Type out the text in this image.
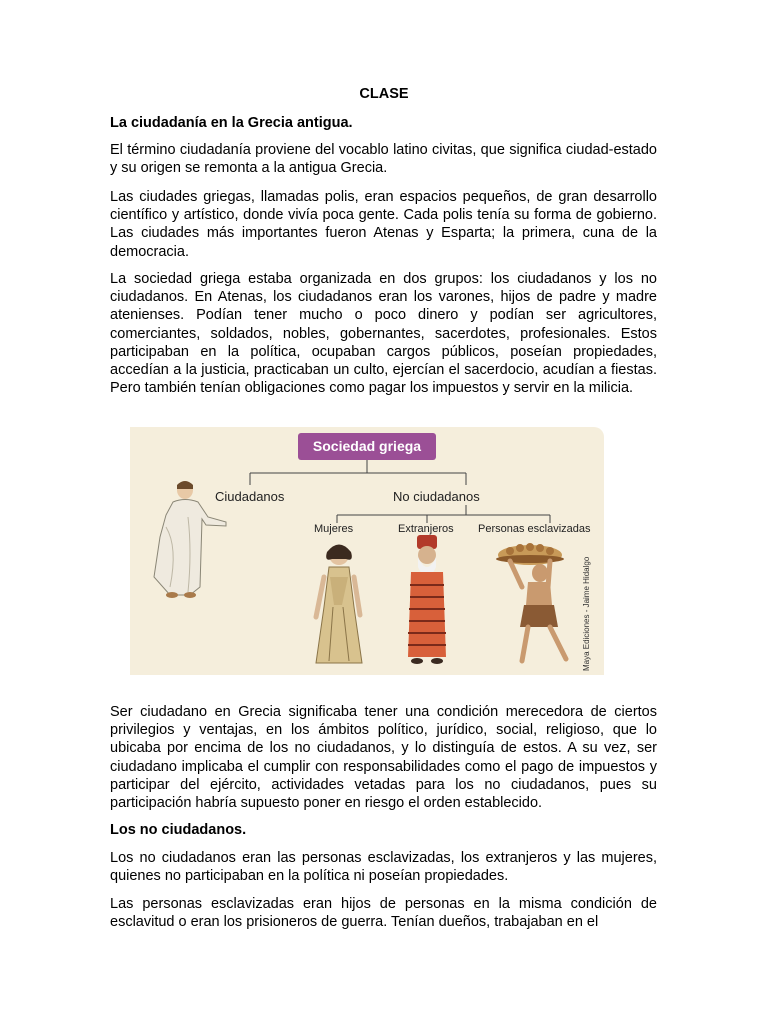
CLASE
La ciudadanía en la Grecia antigua.

El término ciudadanía proviene del vocablo latino civitas, que significa ciudad-estado y su origen se remonta a la antigua Grecia.

Las ciudades griegas, llamadas polis, eran espacios pequeños, de gran desarrollo científico y artístico, donde vivía poca gente. Cada polis tenía su forma de gobierno. Las ciudades más importantes fueron Atenas y Esparta; la primera, cuna de la democracia.

La sociedad griega estaba organizada en dos grupos: los ciudadanos y los no ciudadanos. En Atenas, los ciudadanos eran los varones, hijos de padre y madre atenienses. Podían tener mucho o poco dinero y podían ser agricultores, comerciantes, soldados, nobles, gobernantes, sacerdotes, profesionales. Estos participaban en la política, ocupaban cargos públicos, poseían propiedades, accedían a la justicia, practicaban un culto, ejercían el sacerdocio, acudían a fiestas. Pero también tenían obligaciones como pagar los impuestos y servir en la milicia.

Sociedad griega
Ciudadanos	No ciudadanos
Mujeres	Extranjeros Personas esclavizadas
Maya Ediciones - Jaime Hidalgo

Ser ciudadano en Grecia significaba tener una condición merecedora de ciertos privilegios y ventajas, en los ámbitos político, jurídico, social, religioso, que lo ubicaba por encima de los no ciudadanos, y lo distinguía de estos. A su vez, ser ciudadano implicaba el cumplir con responsabilidades como el pago de impuestos y participar del ejército, actividades vetadas para los no ciudadanos, pues su participación habría supuesto poner en riesgo el orden establecido.

Los no ciudadanos.

Los no ciudadanos eran las personas esclavizadas, los extranjeros y las mujeres, quienes no participaban en la política ni poseían propiedades.

Las personas esclavizadas eran hijos de personas en la misma condición de esclavitud o eran los prisioneros de guerra. Tenían dueños, trabajaban en el
